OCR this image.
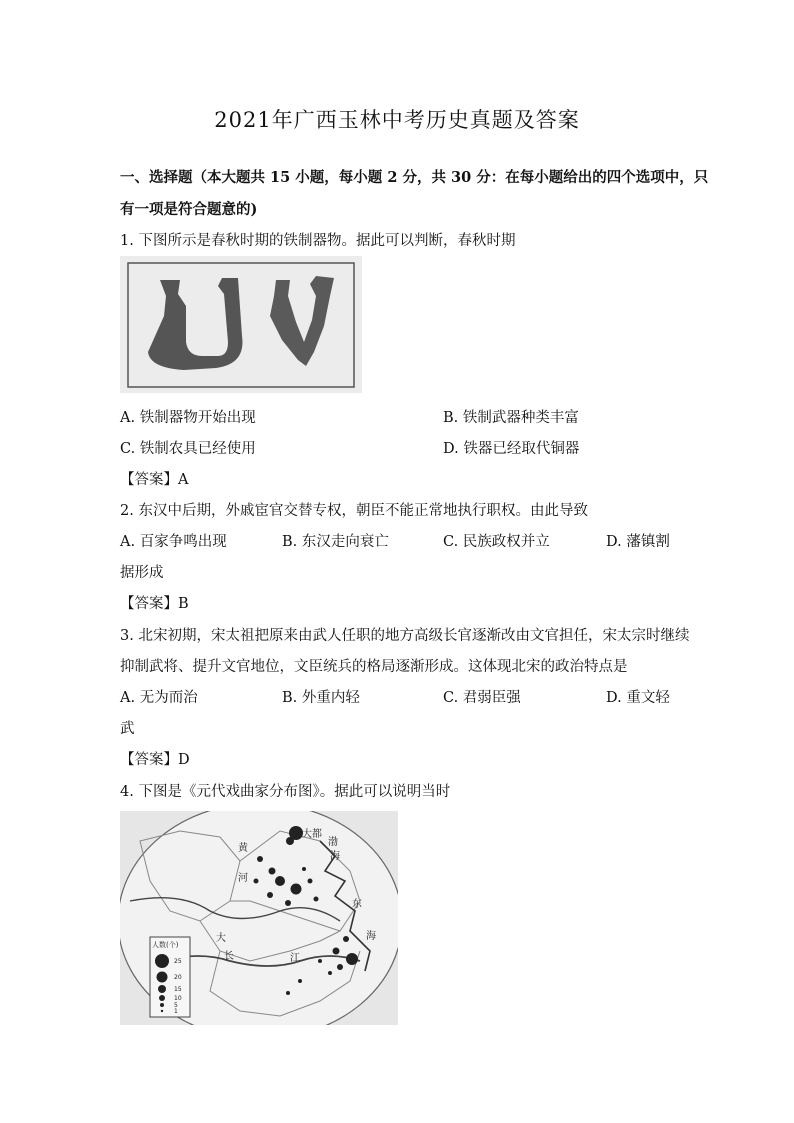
2021年广西玉林中考历史真题及答案
一、选择题（本大题共 15 小题，每小题 2 分，共 30 分：在每小题给出的四个选项中，只
有一项是符合题意的)
1. 下图所示是春秋时期的铁制器物。据此可以判断，春秋时期
A. 铁制器物开始出现	B. 铁制武器种类丰富
C. 铁制农具已经使用	D. 铁器已经取代铜器
【答案】A
2. 东汉中后期，外戚宦官交替专权，朝臣不能正常地执行职权。由此导致
A. 百家争鸣出现	B. 东汉走向衰亡	C. 民族政权并立	D. 藩镇割
据形成
【答案】B
3. 北宋初期，宋太祖把原来由武人任职的地方高级长官逐渐改由文官担任，宋太宗时继续
抑制武将、提升文官地位，文臣统兵的格局逐渐形成。这体现北宋的政治特点是
A. 无为而治	B. 外重内轻	C. 君弱臣强	D. 重文轻
武
【答案】D
4. 下图是《元代戏曲家分布图》。据此可以说明当时
大都
渤
海
黄
河
东
海
大
江
长
人数(个)
25
20
15
10
5
1
